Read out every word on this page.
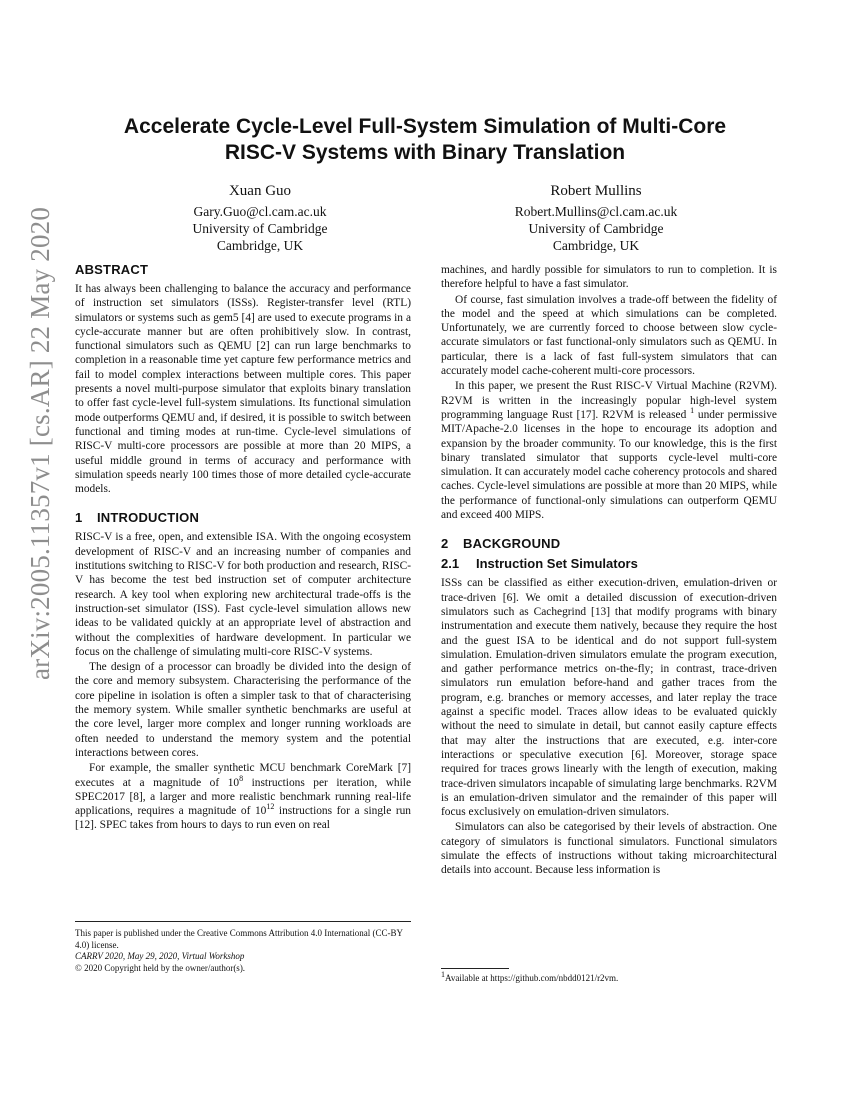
arXiv:2005.11357v1 [cs.AR] 22 May 2020
Accelerate Cycle-Level Full-System Simulation of Multi-Core
RISC-V Systems with Binary Translation
Xuan Guo
Gary.Guo@cl.cam.ac.uk
University of Cambridge
Cambridge, UK
Robert Mullins
Robert.Mullins@cl.cam.ac.uk
University of Cambridge
Cambridge, UK
ABSTRACT

It has always been challenging to balance the accuracy and performance of instruction set simulators (ISSs). Register-transfer level (RTL) simulators or systems such as gem5 [4] are used to execute programs in a cycle-accurate manner but are often prohibitively slow. In contrast, functional simulators such as QEMU [2] can run large benchmarks to completion in a reasonable time yet capture few performance metrics and fail to model complex interactions between multiple cores. This paper presents a novel multi-purpose simulator that exploits binary translation to offer fast cycle-level full-system simulations. Its functional simulation mode outperforms QEMU and, if desired, it is possible to switch between functional and timing modes at run-time. Cycle-level simulations of RISC-V multi-core processors are possible at more than 20 MIPS, a useful middle ground in terms of accuracy and performance with simulation speeds nearly 100 times those of more detailed cycle-accurate models.

1 INTRODUCTION

RISC-V is a free, open, and extensible ISA. With the ongoing ecosystem development of RISC-V and an increasing number of companies and institutions switching to RISC-V for both production and research, RISC-V has become the test bed instruction set of computer architecture research. A key tool when exploring new architectural trade-offs is the instruction-set simulator (ISS). Fast cycle-level simulation allows new ideas to be validated quickly at an appropriate level of abstraction and without the complexities of hardware development. In particular we focus on the challenge of simulating multi-core RISC-V systems.

The design of a processor can broadly be divided into the design of the core and memory subsystem. Characterising the performance of the core pipeline in isolation is often a simpler task to that of characterising the memory system. While smaller synthetic benchmarks are useful at the core level, larger more complex and longer running workloads are often needed to understand the memory system and the potential interactions between cores.

For example, the smaller synthetic MCU benchmark CoreMark [7] executes at a magnitude of $10^8$ instructions per iteration, while SPEC2017 [8], a larger and more realistic benchmark running real-life applications, requires a magnitude of $10^{12}$ instructions for a single run [12]. SPEC takes from hours to days to run even on real

machines, and hardly possible for simulators to run to completion. It is therefore helpful to have a fast simulator.

Of course, fast simulation involves a trade-off between the fidelity of the model and the speed at which simulations can be completed. Unfortunately, we are currently forced to choose between slow cycle-accurate simulators or fast functional-only simulators such as QEMU. In particular, there is a lack of fast full-system simulators that can accurately model cache-coherent multi-core processors.

In this paper, we present the Rust RISC-V Virtual Machine (R2VM). R2VM is written in the increasingly popular high-level system programming language Rust [17]. R2VM is released $^1$ under permissive MIT/Apache-2.0 licenses in the hope to encourage its adoption and expansion by the broader community. To our knowledge, this is the first binary translated simulator that supports cycle-level multi-core simulation. It can accurately model cache coherency protocols and shared caches. Cycle-level simulations are possible at more than 20 MIPS, while the performance of functional-only simulations can outperform QEMU and exceed 400 MIPS.

2 BACKGROUND
2.1 Instruction Set Simulators

ISSs can be classified as either execution-driven, emulation-driven or trace-driven [6]. We omit a detailed discussion of execution-driven simulators such as Cachegrind [13] that modify programs with binary instrumentation and execute them natively, because they require the host and the guest ISA to be identical and do not support full-system simulation. Emulation-driven simulators emulate the program execution, and gather performance metrics on-the-fly; in contrast, trace-driven simulators run emulation before-hand and gather traces from the program, e.g. branches or memory accesses, and later replay the trace against a specific model. Traces allow ideas to be evaluated quickly without the need to simulate in detail, but cannot easily capture effects that may alter the instructions that are executed, e.g. inter-core interactions or speculative execution [6]. Moreover, storage space required for traces grows linearly with the length of execution, making trace-driven simulators incapable of simulating large benchmarks. R2VM is an emulation-driven simulator and the remainder of this paper will focus exclusively on emulation-driven simulators.

Simulators can also be categorised by their levels of abstraction. One category of simulators is functional simulators. Functional simulators simulate the effects of instructions without taking microarchitectural details into account. Because less information is

This paper is published under the Creative Commons Attribution 4.0 International (CC-BY 4.0) license.
CARRV 2020, May 29, 2020, Virtual Workshop
© 2020 Copyright held by the owner/author(s).
$^1$Available at https://github.com/nbdd0121/r2vm.
